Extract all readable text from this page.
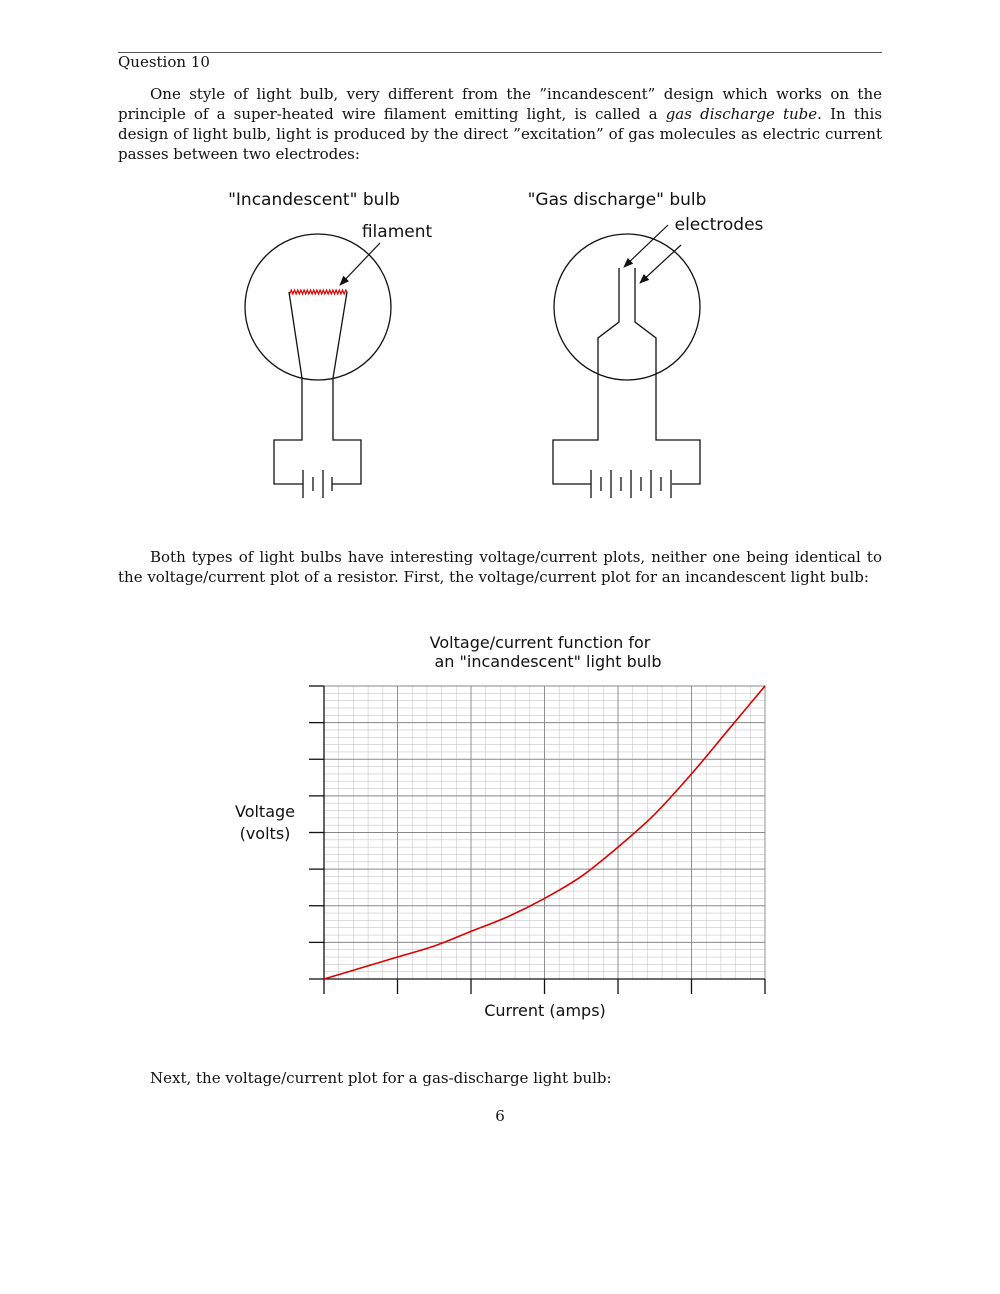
Question 10

One style of light bulb, very different from the ”incandescent” design which works on the principle of a super-heated wire filament emitting light, is called a gas discharge tube. In this design of light bulb, light is produced by the direct ”excitation” of gas molecules as electric current passes between two electrodes:

"Incandescent" bulb
filament
"Gas discharge" bulb
electrodes

Both types of light bulbs have interesting voltage/current plots, neither one being identical to the voltage/current plot of a resistor. First, the voltage/current plot for an incandescent light bulb:

Voltage/current function for
an "incandescent" light bulb
Voltage
(volts)
Current (amps)

Next, the voltage/current plot for a gas-discharge light bulb:

6
